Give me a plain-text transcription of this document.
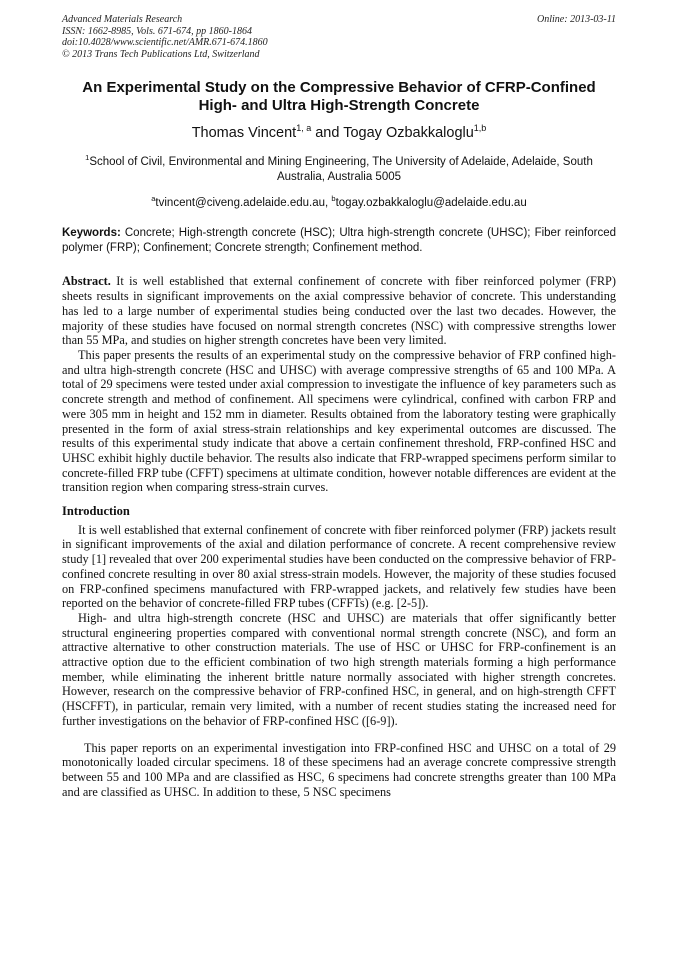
Advanced Materials Research
ISSN: 1662-8985, Vols. 671-674, pp 1860-1864
doi:10.4028/www.scientific.net/AMR.671-674.1860
© 2013 Trans Tech Publications Ltd, Switzerland
Online: 2013-03-11
An Experimental Study on the Compressive Behavior of CFRP-Confined
High- and Ultra High-Strength Concrete
Thomas Vincent$^{1, a}$ and Togay Ozbakkaloglu$^{1,b}$
$^1$School of Civil, Environmental and Mining Engineering, The University of Adelaide, Adelaide, South Australia, Australia 5005
$^a$tvincent@civeng.adelaide.edu.au, $^b$togay.ozbakkaloglu@adelaide.edu.au
Keywords: Concrete; High-strength concrete (HSC); Ultra high-strength concrete (UHSC); Fiber reinforced polymer (FRP); Confinement; Concrete strength; Confinement method.

Abstract. It is well established that external confinement of concrete with fiber reinforced polymer (FRP) sheets results in significant improvements on the axial compressive behavior of concrete. This understanding has led to a large number of experimental studies being conducted over the last two decades. However, the majority of these studies have focused on normal strength concretes (NSC) with compressive strengths lower than 55 MPa, and studies on higher strength concretes have been very limited.

This paper presents the results of an experimental study on the compressive behavior of FRP confined high- and ultra high-strength concrete (HSC and UHSC) with average compressive strengths of 65 and 100 MPa. A total of 29 specimens were tested under axial compression to investigate the influence of key parameters such as concrete strength and method of confinement. All specimens were cylindrical, confined with carbon FRP and were 305 mm in height and 152 mm in diameter. Results obtained from the laboratory testing were graphically presented in the form of axial stress-strain relationships and key experimental outcomes are discussed. The results of this experimental study indicate that above a certain confinement threshold, FRP-confined HSC and UHSC exhibit highly ductile behavior. The results also indicate that FRP-wrapped specimens perform similar to concrete-filled FRP tube (CFFT) specimens at ultimate condition, however notable differences are evident at the transition region when comparing stress-strain curves.

Introduction

It is well established that external confinement of concrete with fiber reinforced polymer (FRP) jackets result in significant improvements of the axial and dilation performance of concrete. A recent comprehensive review study [1] revealed that over 200 experimental studies have been conducted on the compressive behavior of FRP-confined concrete resulting in over 80 axial stress-strain models. However, the majority of these studies focused on FRP-confined specimens manufactured with FRP-wrapped jackets, and relatively few studies have been reported on the behavior of concrete-filled FRP tubes (CFFTs) (e.g. [2-5]).

High- and ultra high-strength concrete (HSC and UHSC) are materials that offer significantly better structural engineering properties compared with conventional normal strength concrete (NSC), and form an attractive alternative to other construction materials. The use of HSC or UHSC for FRP-confinement is an attractive option due to the efficient combination of two high strength materials forming a high performance member, while eliminating the inherent brittle nature normally associated with higher strength concretes. However, research on the compressive behavior of FRP-confined HSC, in general, and on high-strength CFFT (HSCFFT), in particular, remain very limited, with a number of recent studies stating the increased need for further investigations on the behavior of FRP-confined HSC ([6-9]).

This paper reports on an experimental investigation into FRP-confined HSC and UHSC on a total of 29 monotonically loaded circular specimens. 18 of these specimens had an average concrete compressive strength between 55 and 100 MPa and are classified as HSC, 6 specimens had concrete strengths greater than 100 MPa and are classified as UHSC. In addition to these, 5 NSC specimens
